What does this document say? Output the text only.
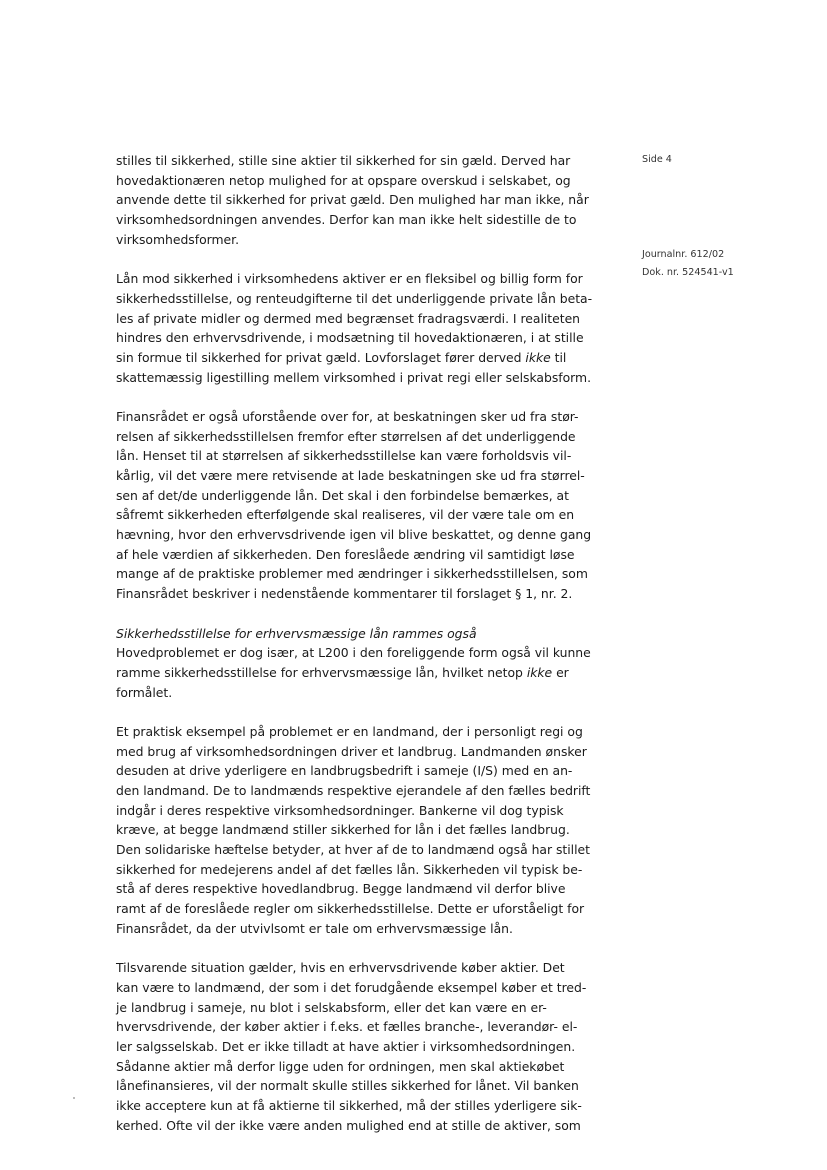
Side 4
Journalnr. 612/02
Dok. nr. 524541-v1
stilles til sikkerhed, stille sine aktier til sikkerhed for sin gæld. Derved har
hovedaktionæren netop mulighed for at opspare overskud i selskabet, og
anvende dette til sikkerhed for privat gæld. Den mulighed har man ikke, når
virksomhedsordningen anvendes. Derfor kan man ikke helt sidestille de to
virksomhedsformer.
Lån mod sikkerhed i virksomhedens aktiver er en fleksibel og billig form for
sikkerhedsstillelse, og renteudgifterne til det underliggende private lån beta-
les af private midler og dermed med begrænset fradragsværdi. I realiteten
hindres den erhvervsdrivende, i modsætning til hovedaktionæren, i at stille
sin formue til sikkerhed for privat gæld. Lovforslaget fører derved ikke til
skattemæssig ligestilling mellem virksomhed i privat regi eller selskabsform.
Finansrådet er også uforstående over for, at beskatningen sker ud fra stør-
relsen af sikkerhedsstillelsen fremfor efter størrelsen af det underliggende
lån. Henset til at størrelsen af sikkerhedsstillelse kan være forholdsvis vil-
kårlig, vil det være mere retvisende at lade beskatningen ske ud fra størrel-
sen af det/de underliggende lån. Det skal i den forbindelse bemærkes, at
såfremt sikkerheden efterfølgende skal realiseres, vil der være tale om en
hævning, hvor den erhvervsdrivende igen vil blive beskattet, og denne gang
af hele værdien af sikkerheden. Den foreslåede ændring vil samtidigt løse
mange af de praktiske problemer med ændringer i sikkerhedsstillelsen, som
Finansrådet beskriver i nedenstående kommentarer til forslaget § 1, nr. 2.
Sikkerhedsstillelse for erhvervsmæssige lån rammes også
Hovedproblemet er dog især, at L200 i den foreliggende form også vil kunne
ramme sikkerhedsstillelse for erhvervsmæssige lån, hvilket netop ikke er
formålet.
Et praktisk eksempel på problemet er en landmand, der i personligt regi og
med brug af virksomhedsordningen driver et landbrug. Landmanden ønsker
desuden at drive yderligere en landbrugsbedrift i sameje (I/S) med en an-
den landmand. De to landmænds respektive ejerandele af den fælles bedrift
indgår i deres respektive virksomhedsordninger. Bankerne vil dog typisk
kræve, at begge landmænd stiller sikkerhed for lån i det fælles landbrug.
Den solidariske hæftelse betyder, at hver af de to landmænd også har stillet
sikkerhed for medejerens andel af det fælles lån. Sikkerheden vil typisk be-
stå af deres respektive hovedlandbrug. Begge landmænd vil derfor blive
ramt af de foreslåede regler om sikkerhedsstillelse. Dette er uforståeligt for
Finansrådet, da der utvivlsomt er tale om erhvervsmæssige lån.
Tilsvarende situation gælder, hvis en erhvervsdrivende køber aktier. Det
kan være to landmænd, der som i det forudgående eksempel køber et tred-
je landbrug i sameje, nu blot i selskabsform, eller det kan være en er-
hvervsdrivende, der køber aktier i f.eks. et fælles branche-, leverandør- el-
ler salgsselskab. Det er ikke tilladt at have aktier i virksomhedsordningen.
Sådanne aktier må derfor ligge uden for ordningen, men skal aktiekøbet
lånefinansieres, vil der normalt skulle stilles sikkerhed for lånet. Vil banken
ikke acceptere kun at få aktierne til sikkerhed, må der stilles yderligere sik-
kerhed. Ofte vil der ikke være anden mulighed end at stille de aktiver, som
